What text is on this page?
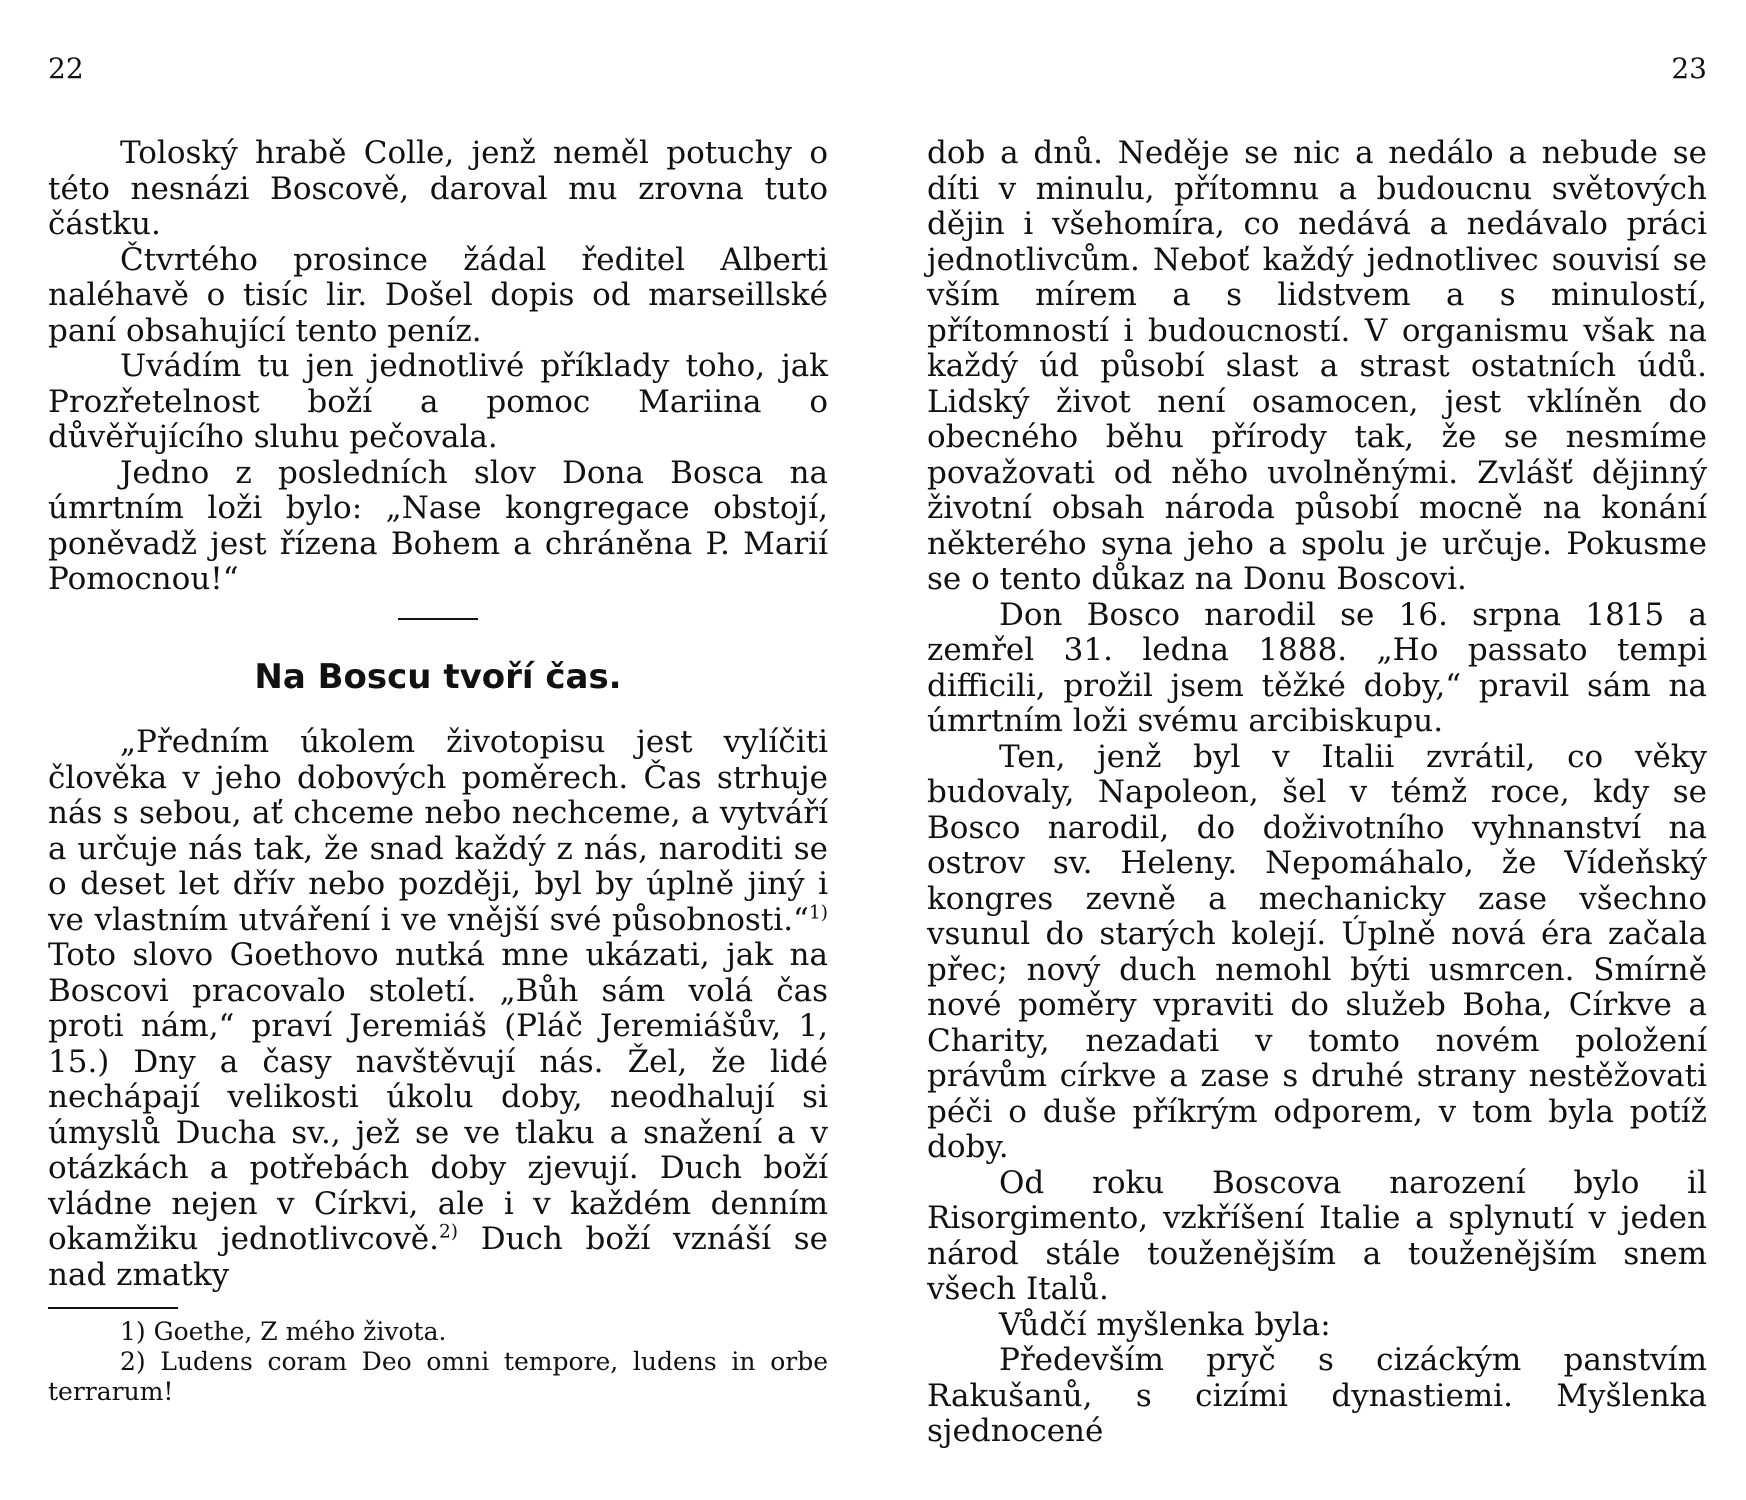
22

Toloský hrabě Colle, jenž neměl potuchy o této nesnázi Boscově, daroval mu zrovna tuto částku.

Čtvrtého prosince žádal ředitel Alberti naléhavě o tisíc lir. Došel dopis od marseillské paní obsahující tento peníz.

Uvádím tu jen jednotlivé příklady toho, jak Prozřetelnost boží a pomoc Mariina o důvěřujícího sluhu pečovala.

Jedno z posledních slov Dona Bosca na úmrtním loži bylo: „Nase kongregace obstojí, poněvadž jest řízena Bohem a chráněna P. Marií Pomocnou!“

Na Boscu tvoří čas.

„Předním úkolem životopisu jest vylíčiti člověka v jeho dobových poměrech. Čas strhuje nás s sebou, ať chceme nebo nechceme, a vytváří a určuje nás tak, že snad každý z nás, naroditi se o deset let dřív nebo později, byl by úplně jiný i ve vlastním utváření i ve vnější své působnosti.“$^{1)}$ Toto slovo Goethovo nutká mne ukázati, jak na Boscovi pracovalo století. „Bůh sám volá čas proti nám,“ praví Jeremiáš (Pláč Jeremiášův, 1, 15.) Dny a časy navštěvují nás. Žel, že lidé nechápají velikosti úkolu doby, neodhalují si úmyslů Ducha sv., jež se ve tlaku a snažení a v otázkách a potřebách doby zjevují. Duch boží vládne nejen v Církvi, ale i v každém denním okamžiku jednotlivcově.$^{2)}$ Duch boží vznáší se nad zmatky

1) Goethe, Z mého života.

2) Ludens coram Deo omni tempore, ludens in orbe terrarum!

23

dob a dnů. Neděje se nic a nedálo a nebude se díti v minulu, přítomnu a budoucnu světových dějin i všehomíra, co nedává a nedávalo práci jednotlivcům. Neboť každý jednotlivec souvisí se vším mírem a s lidstvem a s minulostí, přítomností i budoucností. V organismu však na každý úd působí slast a strast ostatních údů. Lidský život není osamocen, jest vklíněn do obecného běhu přírody tak, že se nesmíme považovati od něho uvolněnými. Zvlášť dějinný životní obsah národa působí mocně na konání některého syna jeho a spolu je určuje. Pokusme se o tento důkaz na Donu Boscovi.

Don Bosco narodil se 16. srpna 1815 a zemřel 31. ledna 1888. „Ho passato tempi difficili, prožil jsem těžké doby,“ pravil sám na úmrtním loži svému arcibiskupu.

Ten, jenž byl v Italii zvrátil, co věky budovaly, Napoleon, šel v témž roce, kdy se Bosco narodil, do doživotního vyhnanství na ostrov sv. Heleny. Nepomáhalo, že Vídeňský kongres zevně a mechanicky zase všechno vsunul do starých kolejí. Úplně nová éra začala přec; nový duch nemohl býti usmrcen. Smírně nové poměry vpraviti do služeb Boha, Církve a Charity, nezadati v tomto novém položení právům církve a zase s druhé strany nestěžovati péči o duše příkrým odporem, v tom byla potíž doby.

Od roku Boscova narození bylo il Risorgimento, vzkříšení Italie a splynutí v jeden národ stále touženějším a touženějším snem všech Italů.

Vůdčí myšlenka byla:

Především pryč s cizáckým panstvím Rakušanů, s cizími dynastiemi. Myšlenka sjednocené
